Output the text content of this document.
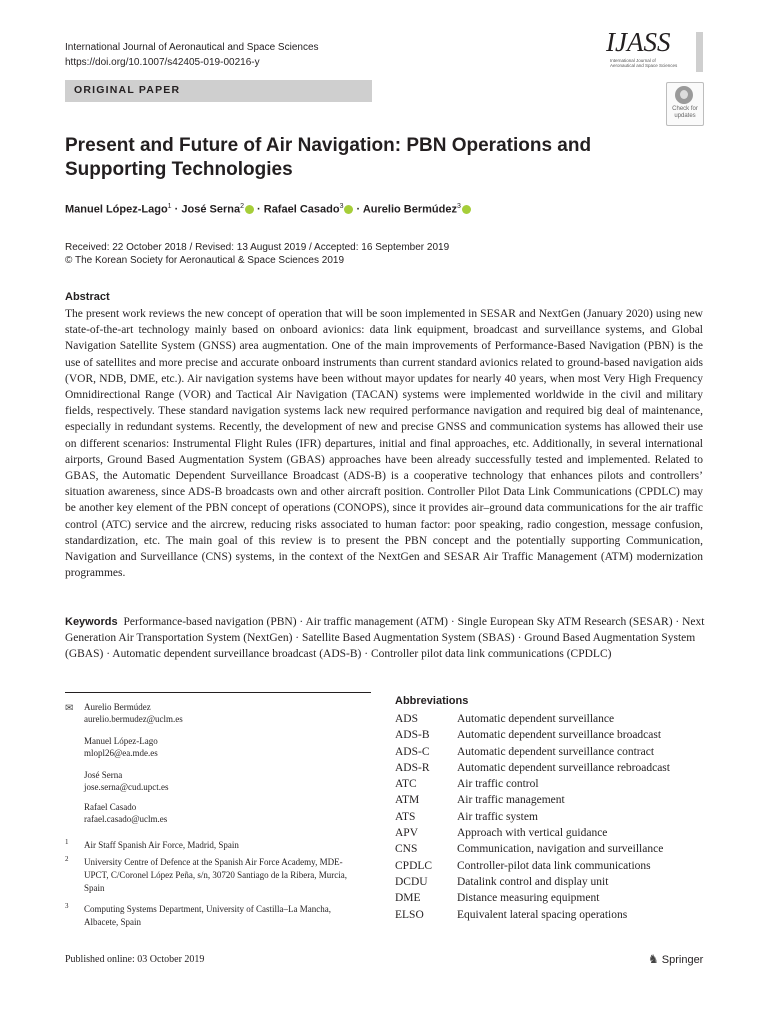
International Journal of Aeronautical and Space Sciences
https://doi.org/10.1007/s42405-019-00216-y
IJASS
International Journal of Aeronautical and Space Sciences
ORIGINAL PAPER
Check for
updates
Present and Future of Air Navigation: PBN Operations and Supporting Technologies
Manuel López-Lago$^1$ · José Serna$^2$ · Rafael Casado$^3$ · Aurelio Bermúdez$^3$
Received: 22 October 2018 / Revised: 13 August 2019 / Accepted: 16 September 2019
© The Korean Society for Aeronautical & Space Sciences 2019
Abstract
The present work reviews the new concept of operation that will be soon implemented in SESAR and NextGen (January 2020) using new state-of-the-art technology mainly based on onboard avionics: data link equipment, broadcast and surveillance systems, and Global Navigation Satellite System (GNSS) area augmentation. One of the main improvements of Performance-Based Navigation (PBN) is the use of satellites and more precise and accurate onboard instruments than current standard avionics related to ground-based navigation aids (VOR, NDB, DME, etc.). Air navigation systems have been without mayor updates for nearly 40 years, when most Very High Frequency Omnidirectional Range (VOR) and Tactical Air Navigation (TACAN) systems were implemented worldwide in the civil and military fields, respectively. These standard navigation systems lack new required performance navigation and required big deal of maintenance, especially in redundant systems. Recently, the development of new and precise GNSS and communication systems has allowed their use on different scenarios: Instrumental Flight Rules (IFR) departures, initial and final approaches, etc. Additionally, in several international airports, Ground Based Augmentation System (GBAS) approaches have been already successfully tested and implemented. Related to GBAS, the Automatic Dependent Surveillance Broadcast (ADS-B) is a cooperative technology that enhances pilots and controllers’ situation awareness, since ADS-B broadcasts own and other aircraft position. Controller Pilot Data Link Communications (CPDLC) may be another key element of the PBN concept of operations (CONOPS), since it provides air–ground data communications for the air traffic control (ATC) service and the aircrew, reducing risks associated to human factor: poor speaking, radio congestion, message confusion, standardization, etc. The main goal of this review is to present the PBN concept and the potentially supporting Communication, Navigation and Surveillance (CNS) systems, in the context of the NextGen and SESAR Air Traffic Management (ATM) modernization programmes.
Keywords Performance-based navigation (PBN) · Air traffic management (ATM) · Single European Sky ATM Research (SESAR) · Next Generation Air Transportation System (NextGen) · Satellite Based Augmentation System (SBAS) · Ground Based Augmentation System (GBAS) · Automatic dependent surveillance broadcast (ADS-B) · Controller pilot data link communications (CPDLC)
✉ Aurelio Bermúdez
aurelio.bermudez@uclm.es
Manuel López-Lago
mlopl26@ea.mde.es
José Serna
jose.serna@cud.upct.es
Rafael Casado
rafael.casado@uclm.es
1 Air Staff Spanish Air Force, Madrid, Spain
2 University Centre of Defence at the Spanish Air Force Academy, MDE-UPCT, C/Coronel López Peña, s/n, 30720 Santiago de la Ribera, Murcia, Spain
3 Computing Systems Department, University of Castilla–La Mancha, Albacete, Spain
Abbreviations
ADS	Automatic dependent surveillance
ADS-B Automatic dependent surveillance broadcast
ADS-C Automatic dependent surveillance contract
ADS-R Automatic dependent surveillance rebroadcast
ATC	Air traffic control
ATM	Air traffic management
ATS	Air traffic system
APV	Approach with vertical guidance
CNS	Communication, navigation and surveillance
CPDLC Controller-pilot data link communications
DCDU	Datalink control and display unit
DME	Distance measuring equipment
ELSO	Equivalent lateral spacing operations
Published online: 03 October 2019	♞ Springer
